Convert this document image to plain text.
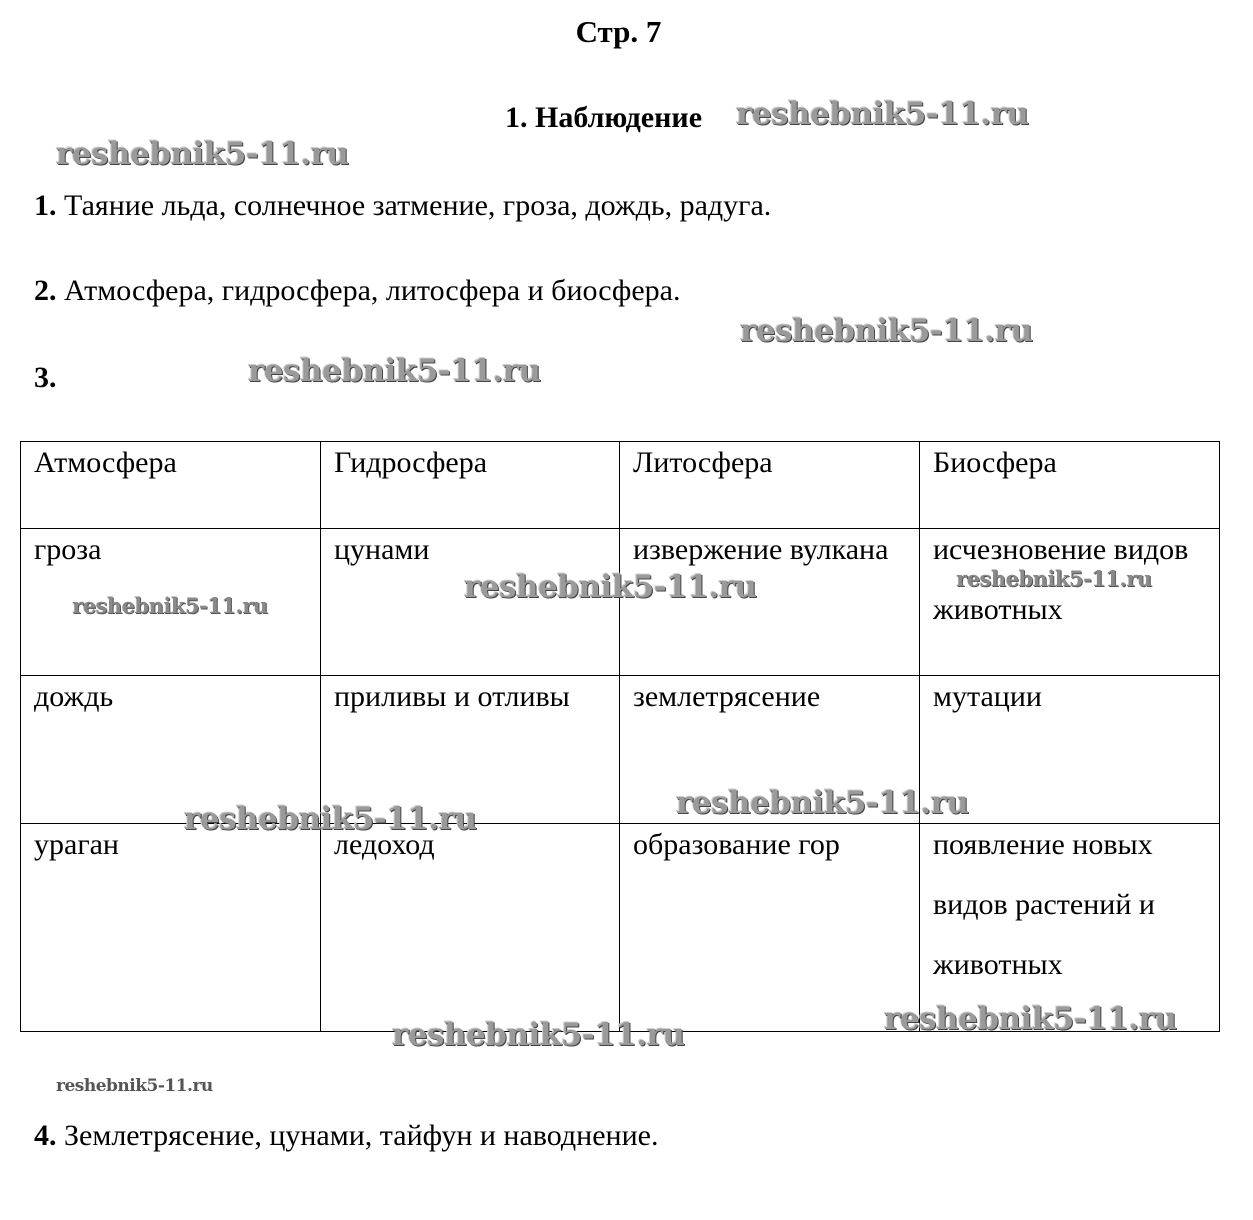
Стр. 7
1. Наблюдение
1. Таяние льда, солнечное затмение, гроза, дождь, радуга.
2. Атмосфера, гидросфера, литосфера и биосфера.
3.
Атмосфера	Гидросфера	Литосфера	Биосфера

гроза	цунами	извержение вулкана	исчезновение видов животных

дождь	приливы и отливы	землетрясение	мутации

ураган	ледоход	образование гор	появление новых видов растений и животных
4. Землетрясение, цунами, тайфун и наводнение.
reshebnik5-11.ru
reshebnik5-11.ru
reshebnik5-11.ru
reshebnik5-11.ru
reshebnik5-11.ru	reshebnik5-11.ru
reshebnik5-11.ru
reshebnik5-11.ru
reshebnik5-11.ru
reshebnik5-11.ru
reshebnik5-11.ru
reshebnik5-11.ru
